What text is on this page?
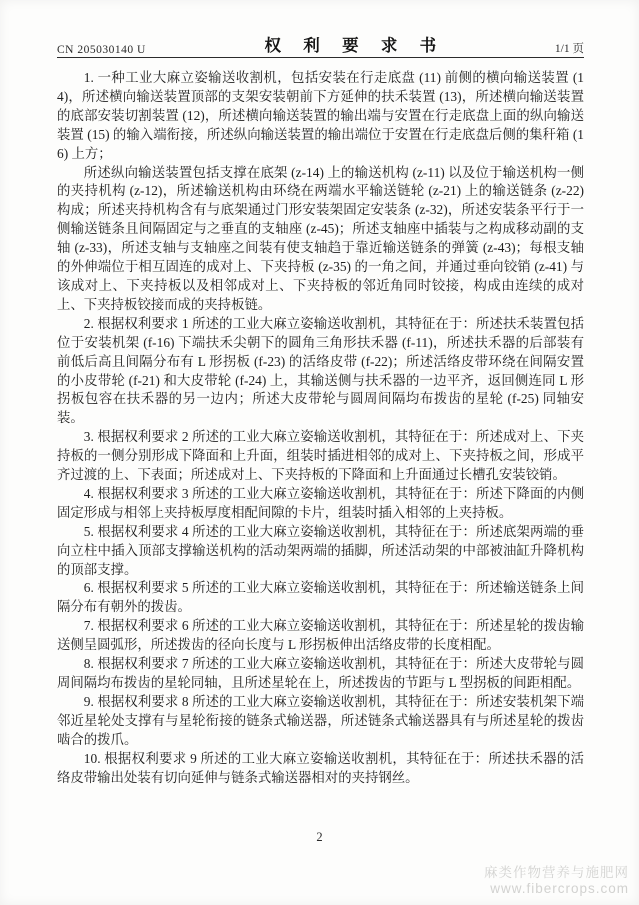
CN 205030140 U	权 利 要 求 书	1/1 页

1. 一种工业大麻立姿输送收割机，包括安装在行走底盘 (11) 前侧的横向输送装置 (14)，所述横向输送装置顶部的支架安装朝前下方延伸的扶禾装置 (13)，所述横向输送装置的底部安装切割装置 (12)，所述横向输送装置的输出端与安置在行走底盘上面的纵向输送装置 (15) 的输入端衔接，所述纵向输送装置的输出端位于安置在行走底盘后侧的集秆箱 (16) 上方；

所述纵向输送装置包括支撑在底架 (z-14) 上的输送机构 (z-11) 以及位于输送机构一侧的夹持机构 (z-12)，所述输送机构由环绕在两端水平输送链轮 (z-21) 上的输送链条 (z-22) 构成；所述夹持机构含有与底架通过门形安装架固定安装条 (z-32)，所述安装条平行于一侧输送链条且间隔固定与之垂直的支轴座 (z-45)；所述支轴座中插装与之构成移动副的支轴 (z-33)，所述支轴与支轴座之间装有使支轴趋于靠近输送链条的弹簧 (z-43)；每根支轴的外伸端位于相互固连的成对上、下夹持板 (z-35) 的一角之间，并通过垂向铰销 (z-41) 与该成对上、下夹持板以及相邻成对上、下夹持板的邻近角同时铰接，构成由连续的成对上、下夹持板铰接而成的夹持板链。

2. 根据权利要求 1 所述的工业大麻立姿输送收割机，其特征在于：所述扶禾装置包括位于安装机架 (f-16) 下端扶禾尖朝下的圆角三角形扶禾器 (f-11)，所述扶禾器的后部装有前低后高且间隔分布有 L 形拐板 (f-23) 的活络皮带 (f-22)；所述活络皮带环绕在间隔安置的小皮带轮 (f-21) 和大皮带轮 (f-24) 上，其输送侧与扶禾器的一边平齐，返回侧连同 L 形拐板包容在扶禾器的另一边内；所述大皮带轮与圆周间隔均布拨齿的星轮 (f-25) 同轴安装。

3. 根据权利要求 2 所述的工业大麻立姿输送收割机，其特征在于：所述成对上、下夹持板的一侧分别形成下降面和上升面，组装时插进相邻的成对上、下夹持板之间，形成平齐过渡的上、下表面；所述成对上、下夹持板的下降面和上升面通过长槽孔安装铰销。

4. 根据权利要求 3 所述的工业大麻立姿输送收割机，其特征在于：所述下降面的内侧固定形成与相邻上夹持板厚度相配间隙的卡片，组装时插入相邻的上夹持板。

5. 根据权利要求 4 所述的工业大麻立姿输送收割机，其特征在于：所述底架两端的垂向立柱中插入顶部支撑输送机构的活动架两端的插脚，所述活动架的中部被油缸升降机构的顶部支撑。

6. 根据权利要求 5 所述的工业大麻立姿输送收割机，其特征在于：所述输送链条上间隔分布有朝外的拨齿。

7. 根据权利要求 6 所述的工业大麻立姿输送收割机，其特征在于：所述星轮的拨齿输送侧呈圆弧形，所述拨齿的径向长度与 L 形拐板伸出活络皮带的长度相配。

8. 根据权利要求 7 所述的工业大麻立姿输送收割机，其特征在于：所述大皮带轮与圆周间隔均布拨齿的星轮同轴，且所述星轮在上，所述拨齿的节距与 L 型拐板的间距相配。

9. 根据权利要求 8 所述的工业大麻立姿输送收割机，其特征在于：所述安装机架下端邻近星轮处支撑有与星轮衔接的链条式输送器，所述链条式输送器具有与所述星轮的拨齿啮合的拨爪。

10. 根据权利要求 9 所述的工业大麻立姿输送收割机，其特征在于：所述扶禾器的活络皮带输出处装有切向延伸与链条式输送器相对的夹持钢丝。

2
麻类作物营养与施肥网
www.fibercrops.com
